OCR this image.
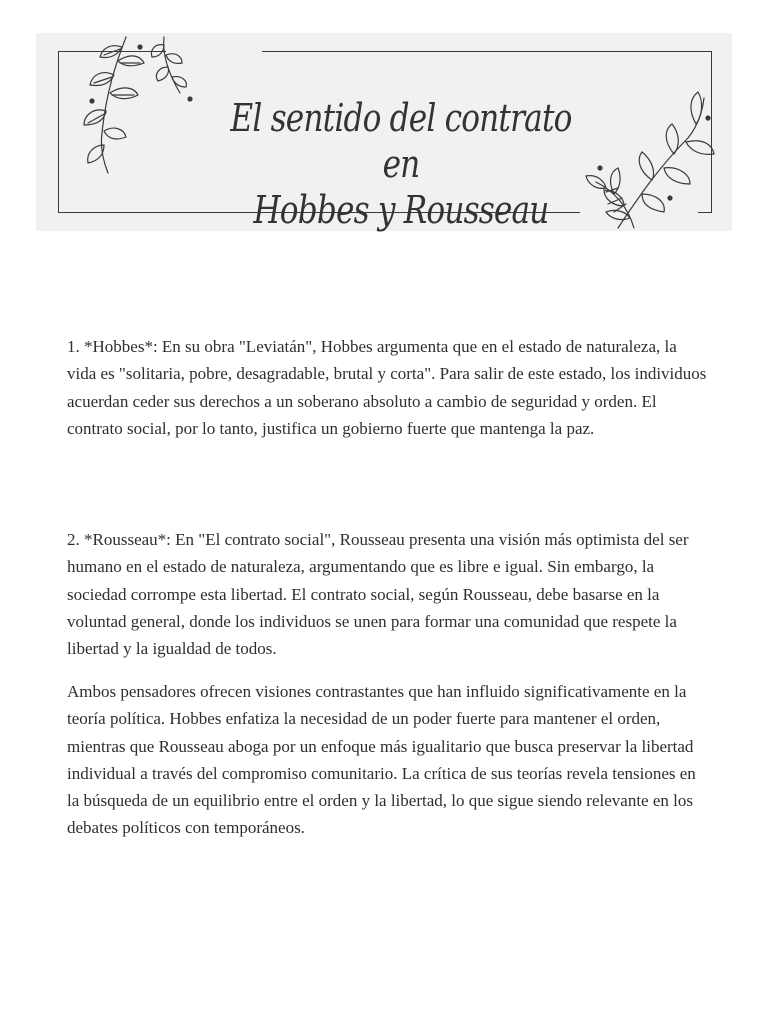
El sentido del contrato en
Hobbes y Rousseau

1. *Hobbes*: En su obra "Leviatán", Hobbes argumenta que en el estado de naturaleza, la vida es "solitaria, pobre, desagradable, brutal y corta". Para salir de este estado, los individuos acuerdan ceder sus derechos a un soberano absoluto a cambio de seguridad y orden. El contrato social, por lo tanto, justifica un gobierno fuerte que mantenga la paz.

2. *Rousseau*: En "El contrato social", Rousseau presenta una visión más optimista del ser humano en el estado de naturaleza, argumentando que es libre e igual. Sin embargo, la sociedad corrompe esta libertad. El contrato social, según Rousseau, debe basarse en la voluntad general, donde los individuos se unen para formar una comunidad que respete la libertad y la igualdad de todos.

Ambos pensadores ofrecen visiones contrastantes que han influido significativamente en la teoría política. Hobbes enfatiza la necesidad de un poder fuerte para mantener el orden, mientras que Rousseau aboga por un enfoque más igualitario que busca preservar la libertad individual a través del compromiso comunitario. La crítica de sus teorías revela tensiones en la búsqueda de un equilibrio entre el orden y la libertad, lo que sigue siendo relevante en los debates políticos con temporáneos.
